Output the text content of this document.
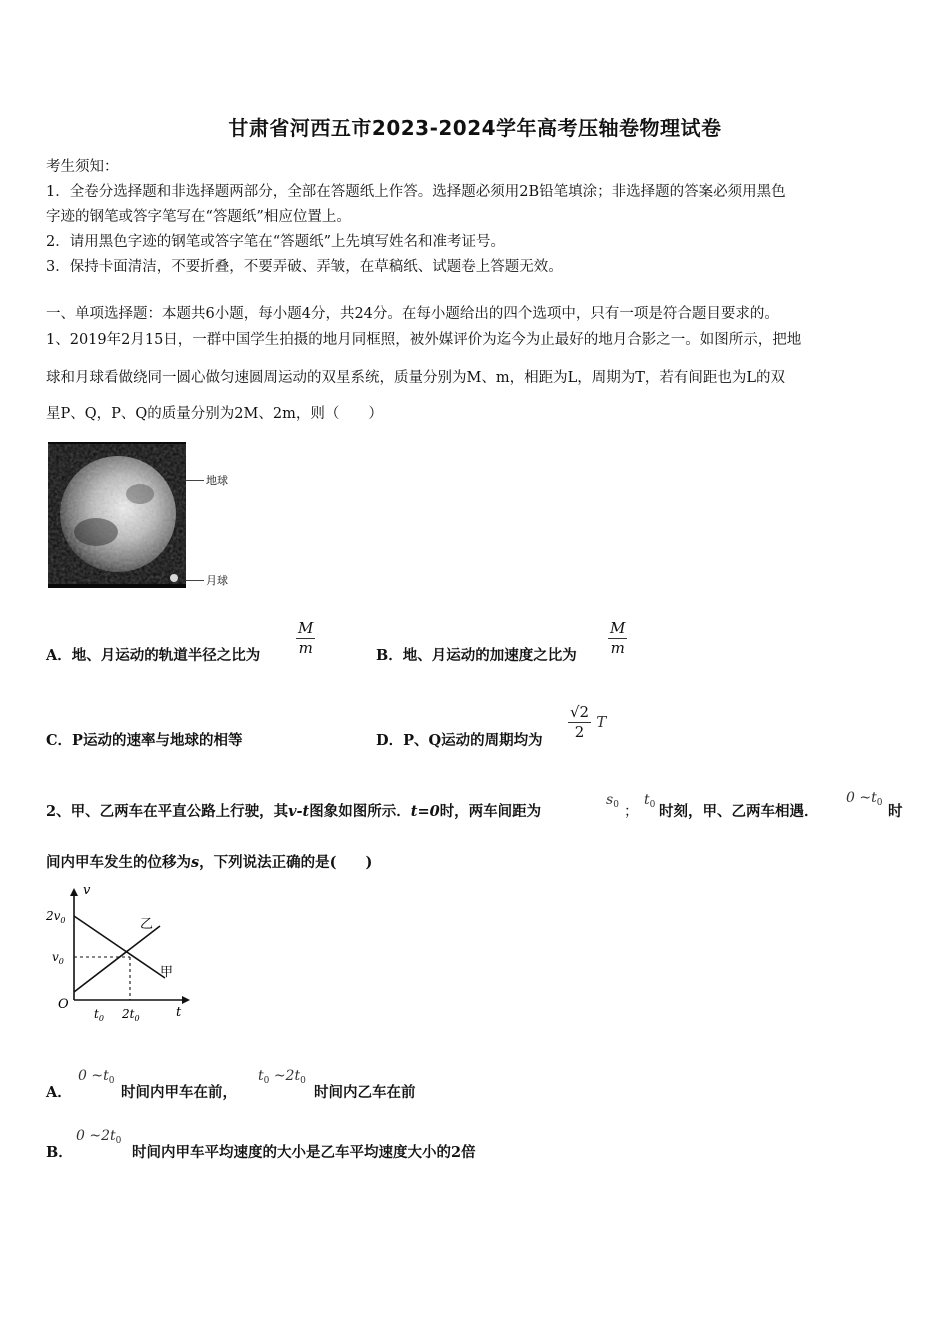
甘肃省河西五市2023-2024学年高考压轴卷物理试卷
考生须知：
1．全卷分选择题和非选择题两部分，全部在答题纸上作答。选择题必须用2B铅笔填涂；非选择题的答案必须用黑色
字迹的钢笔或答字笔写在“答题纸”相应位置上。
2．请用黑色字迹的钢笔或答字笔在“答题纸”上先填写姓名和准考证号。
3．保持卡面清洁，不要折叠，不要弄破、弄皱，在草稿纸、试题卷上答题无效。
一、单项选择题：本题共6小题，每小题4分，共24分。在每小题给出的四个选项中，只有一项是符合题目要求的。
1、2019年2月15日，一群中国学生拍摄的地月同框照，被外媒评价为迄今为止最好的地月合影之一。如图所示，把地
球和月球看做绕同一圆心做匀速圆周运动的双星系统，质量分别为M、m，相距为L，周期为T，若有间距也为L的双
星P、Q，P、Q的质量分别为2M、2m，则（　　）
地球
月球
A．地、月运动的轨道半径之比为 $\frac{M}{m}$	B．地、月运动的加速度之比为 $\frac{M}{m}$
C．P运动的速率与地球的相等	D．P、Q运动的周期均为
$\frac{√2}{2}$ T
2、甲、乙两车在平直公路上行驶，其v-t图象如图所示．t=0时，两车间距为
$s_0$ ；
$t_0$ 时刻，甲、乙两车相遇．
0 $\sim t_0$ 时
间内甲车发生的位移为s，下列说法正确的是(　　)
v
$2v_0$
$v_0$
O
$t_0$ $2t_0$	t
乙
甲
A．
0 $\sim t_0$
时间内甲车在前，
$t_0$ $\sim 2t_0$
时间内乙车在前
B．
0 $\sim 2t_0$
时间内甲车平均速度的大小是乙车平均速度大小的2倍
